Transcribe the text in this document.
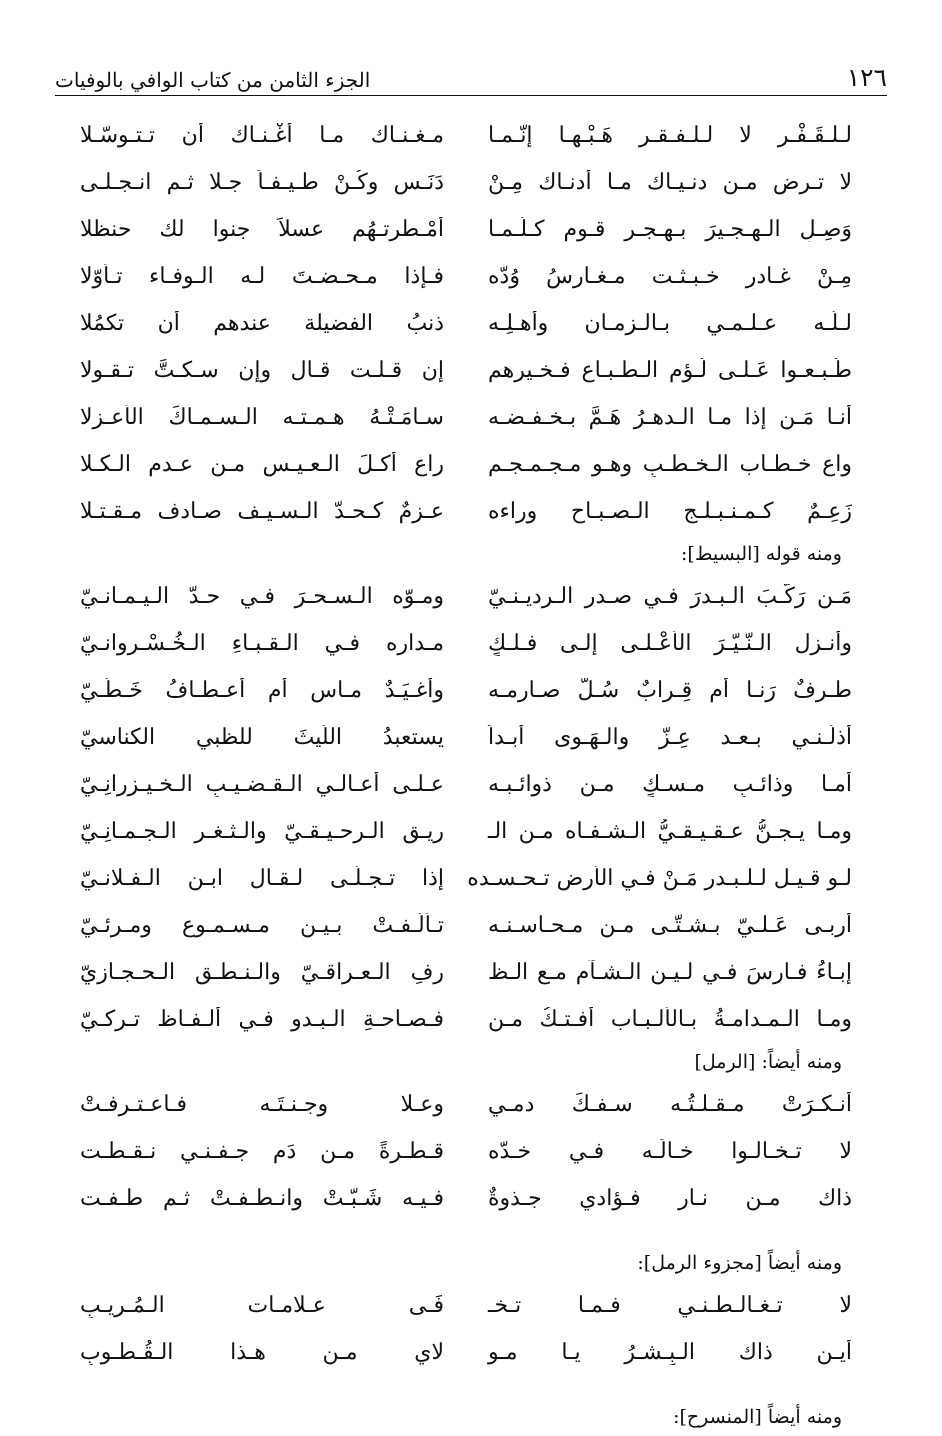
١٢٦
الجزء الثامن من كتاب الوافي بالوفيات
لـلـقَـفْـرِ لا لـلـفـقـر هَـبْـهـا إنّـمـا
مـغـنـاك مـا أغْـنـاك أن تـتـوسّـلا
لا تـرض مـن دنـيـاك مـا أدنـاك مِـنْ
دَنَـسٍ وكُـنْ طـيـفـاً جـلا ثـم انـجـلـى
وَصِـلِ الـهـجـيرَ بـهـجـر قـوم كـلّـمـا
أمْـطرتـهُم عسلاً جنوا لك حنظلا
مِـنْ غـادرٍ خـبـثـت مـغـارسُ وُدّه
فـإذا مـحـضـتَ لـه الـوفـاء تـأوّلا
لـلّـه عـلـمـي بـالـزمـان وأهـلِـه
ذنبُ الفضيلة عندهم أن تكمُلا
طُـبـعـوا عَـلـى لُـؤم الـطـبـاع فـخـيرهم
إن قـلـت قـال وإن سـكـتَّ تـقـولا
أنـا مَـن إذا مـا الـدهـرُ هَـمَّ بـخـفـضـه
سـامَـتْـهُ هـمـتـه الـسـمـاكَ الأعـزلا
واعِ خـطـاب الـخـطـبِ وهـو مـجـمـجـم
راعٍ أكـلَ الـعـيـس مـن عـدم الـكـلا
زَعِـمٌ كـمـنـبـلـج الـصـبـاحِ وراءه
عـزمٌ كـحـدّ الـسـيـف صـادف مـقـتـلا
ومنه قوله [البسيط]:
مَـن رَكّـبَ الـبـدرَ فـي صـدرِ الـرديـنـيّ
ومـوّه الـسـحـرَ فـي حـدّ الـيـمـانـيّ
وأنـزل الـنّـيّـرَ الأعْـلـى إلـى فـلـكٍ
مـداره فـي الـقـبـاءِ الـخُـسْـروانـيّ
طـرفٌ رَنـا أم قِـرابٌ سُـلّ صـارمـه
وأغـيَـدٌ مـاس أم أعـطـافُ خَـطّـيّ
أذلّـنـي بـعـد عِـزّ والـهَـوى أبـداً
يستعبدُ اللّيثَ للظبي الكناسيّ
أمـا وذائـبِ مـسـكٍ مـن ذوائـبـه
عـلـى أعـالـي الـقـضـيـبِ الـخـيـزرانِـيّ
ومـا يـجـنُّ عـقـيـقـيُّ الـشـفـاه مـن الـ
ريـق الـرحـيـقـيّ والـثـغـرِ الـجـمـانِـيّ
لـو قـيـل لـلـبـدر مَـنْ فـي الأرض تـحـسـده
إذا تـجـلّـى لـقـال ابـن الـفـلانـيّ
أربـى عَـلـيّ بـشـتّـى مـن مـحـاسـنـه
تـألّـفـتْ بـيـن مـسـمـوعٍ ومـرئـيّ
إبـاءُ فـارسَ فـي لـيـن الـشـآم مـع الـظ
رفِ الـعـراقـيّ والـنـطـقِ الـحـجـازيّ
ومـا الـمـدامـةُ بـالألـبـاب أفـتـكُ مـن
فـصـاحـةِ الـبـدو فـي ألـفـاظ تـركـيّ
ومنه أيضاً: [الرمل]
أنـكـرَتْ مـقـلـتُـه سـفـكَ دمـي
وعـلا وجـنـتَـه فـاعـتـرفـتْ
لا تـخـالـوا خـالَـه فـي خـدّه
قـطـرةً مـن دَمِ جـفـنـي نـقـطـت
ذاك مـن نـارِ فـؤادي جـذوةٌ
فـيـه شَـبّـتْ وانـطـفـتْ ثـم طـفـت
ومنه أيضاً [مجزوء الرمل]:
لا تـغـالـطـنـي فـمـا تـخـ
فَـى عـلامـات الـمُـريـبِ
أيـن ذاك الـبِـشـرُ يـا مـو
لاي مـن هـذا الـقُـطـوبِ
ومنه أيضاً [المنسرح]:
